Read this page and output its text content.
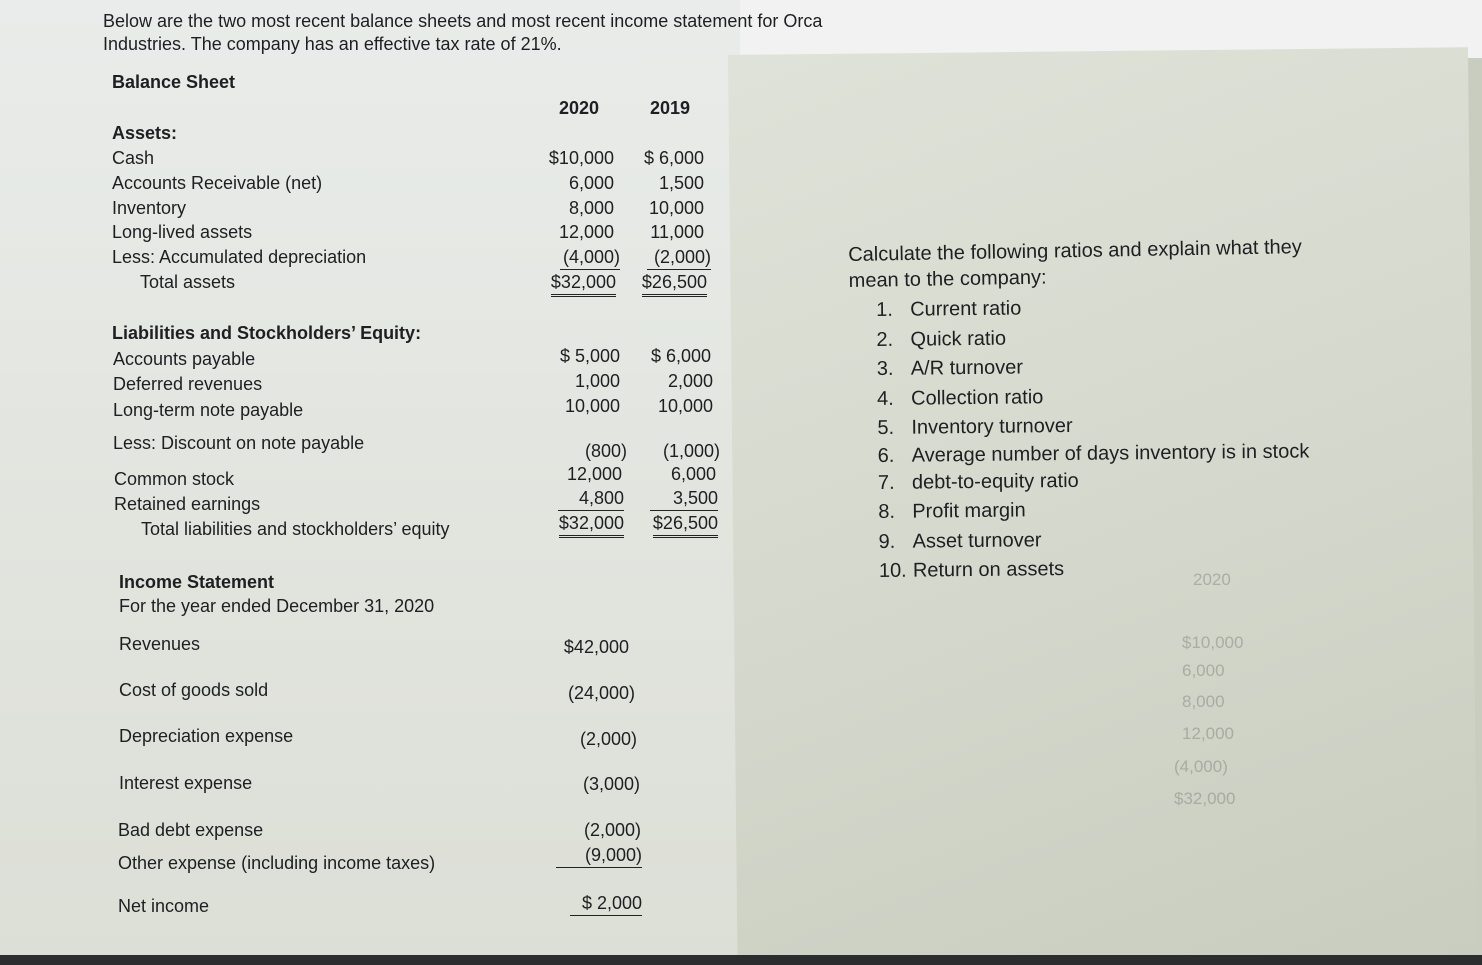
Below are the two most recent balance sheets and most recent income statement for Orca Industries. The company has an effective tax rate of 21%.
Balance Sheet
2020	2019
Assets:
Cash
Accounts Receivable (net)
Inventory
Long-lived assets
Less: Accumulated depreciation
Total assets
$10,000
6,000
8,000
12,000
(4,000)
$32,000
$ 6,000
1,500
10,000
11,000
(2,000)
$26,500
Liabilities and Stockholders’ Equity:
Accounts payable
Deferred revenues
Long-term note payable
Less: Discount on note payable
Common stock
Retained earnings
Total liabilities and stockholders’ equity
$ 5,000
1,000
10,000
(800)
12,000
4,800
$32,000
$ 6,000
2,000
10,000
(1,000)
6,000
3,500
$26,500
Income Statement
For the year ended December 31, 2020
Revenues
Cost of goods sold
Depreciation expense
Interest expense
Bad debt expense
Other expense (including income taxes)
Net income
$42,000
(24,000)
(2,000)
(3,000)
(2,000)
(9,000)
$ 2,000
2020
$10,000
6,000
8,000
12,000
(4,000)
$32,000
Calculate the following ratios and explain what they mean to the company:
1. Current ratio
2. Quick ratio
3. A/R turnover
4. Collection ratio
5. Inventory turnover
6. Average number of days inventory is in stock
7. debt-to-equity ratio
8. Profit margin
9. Asset turnover
10. Return on assets
